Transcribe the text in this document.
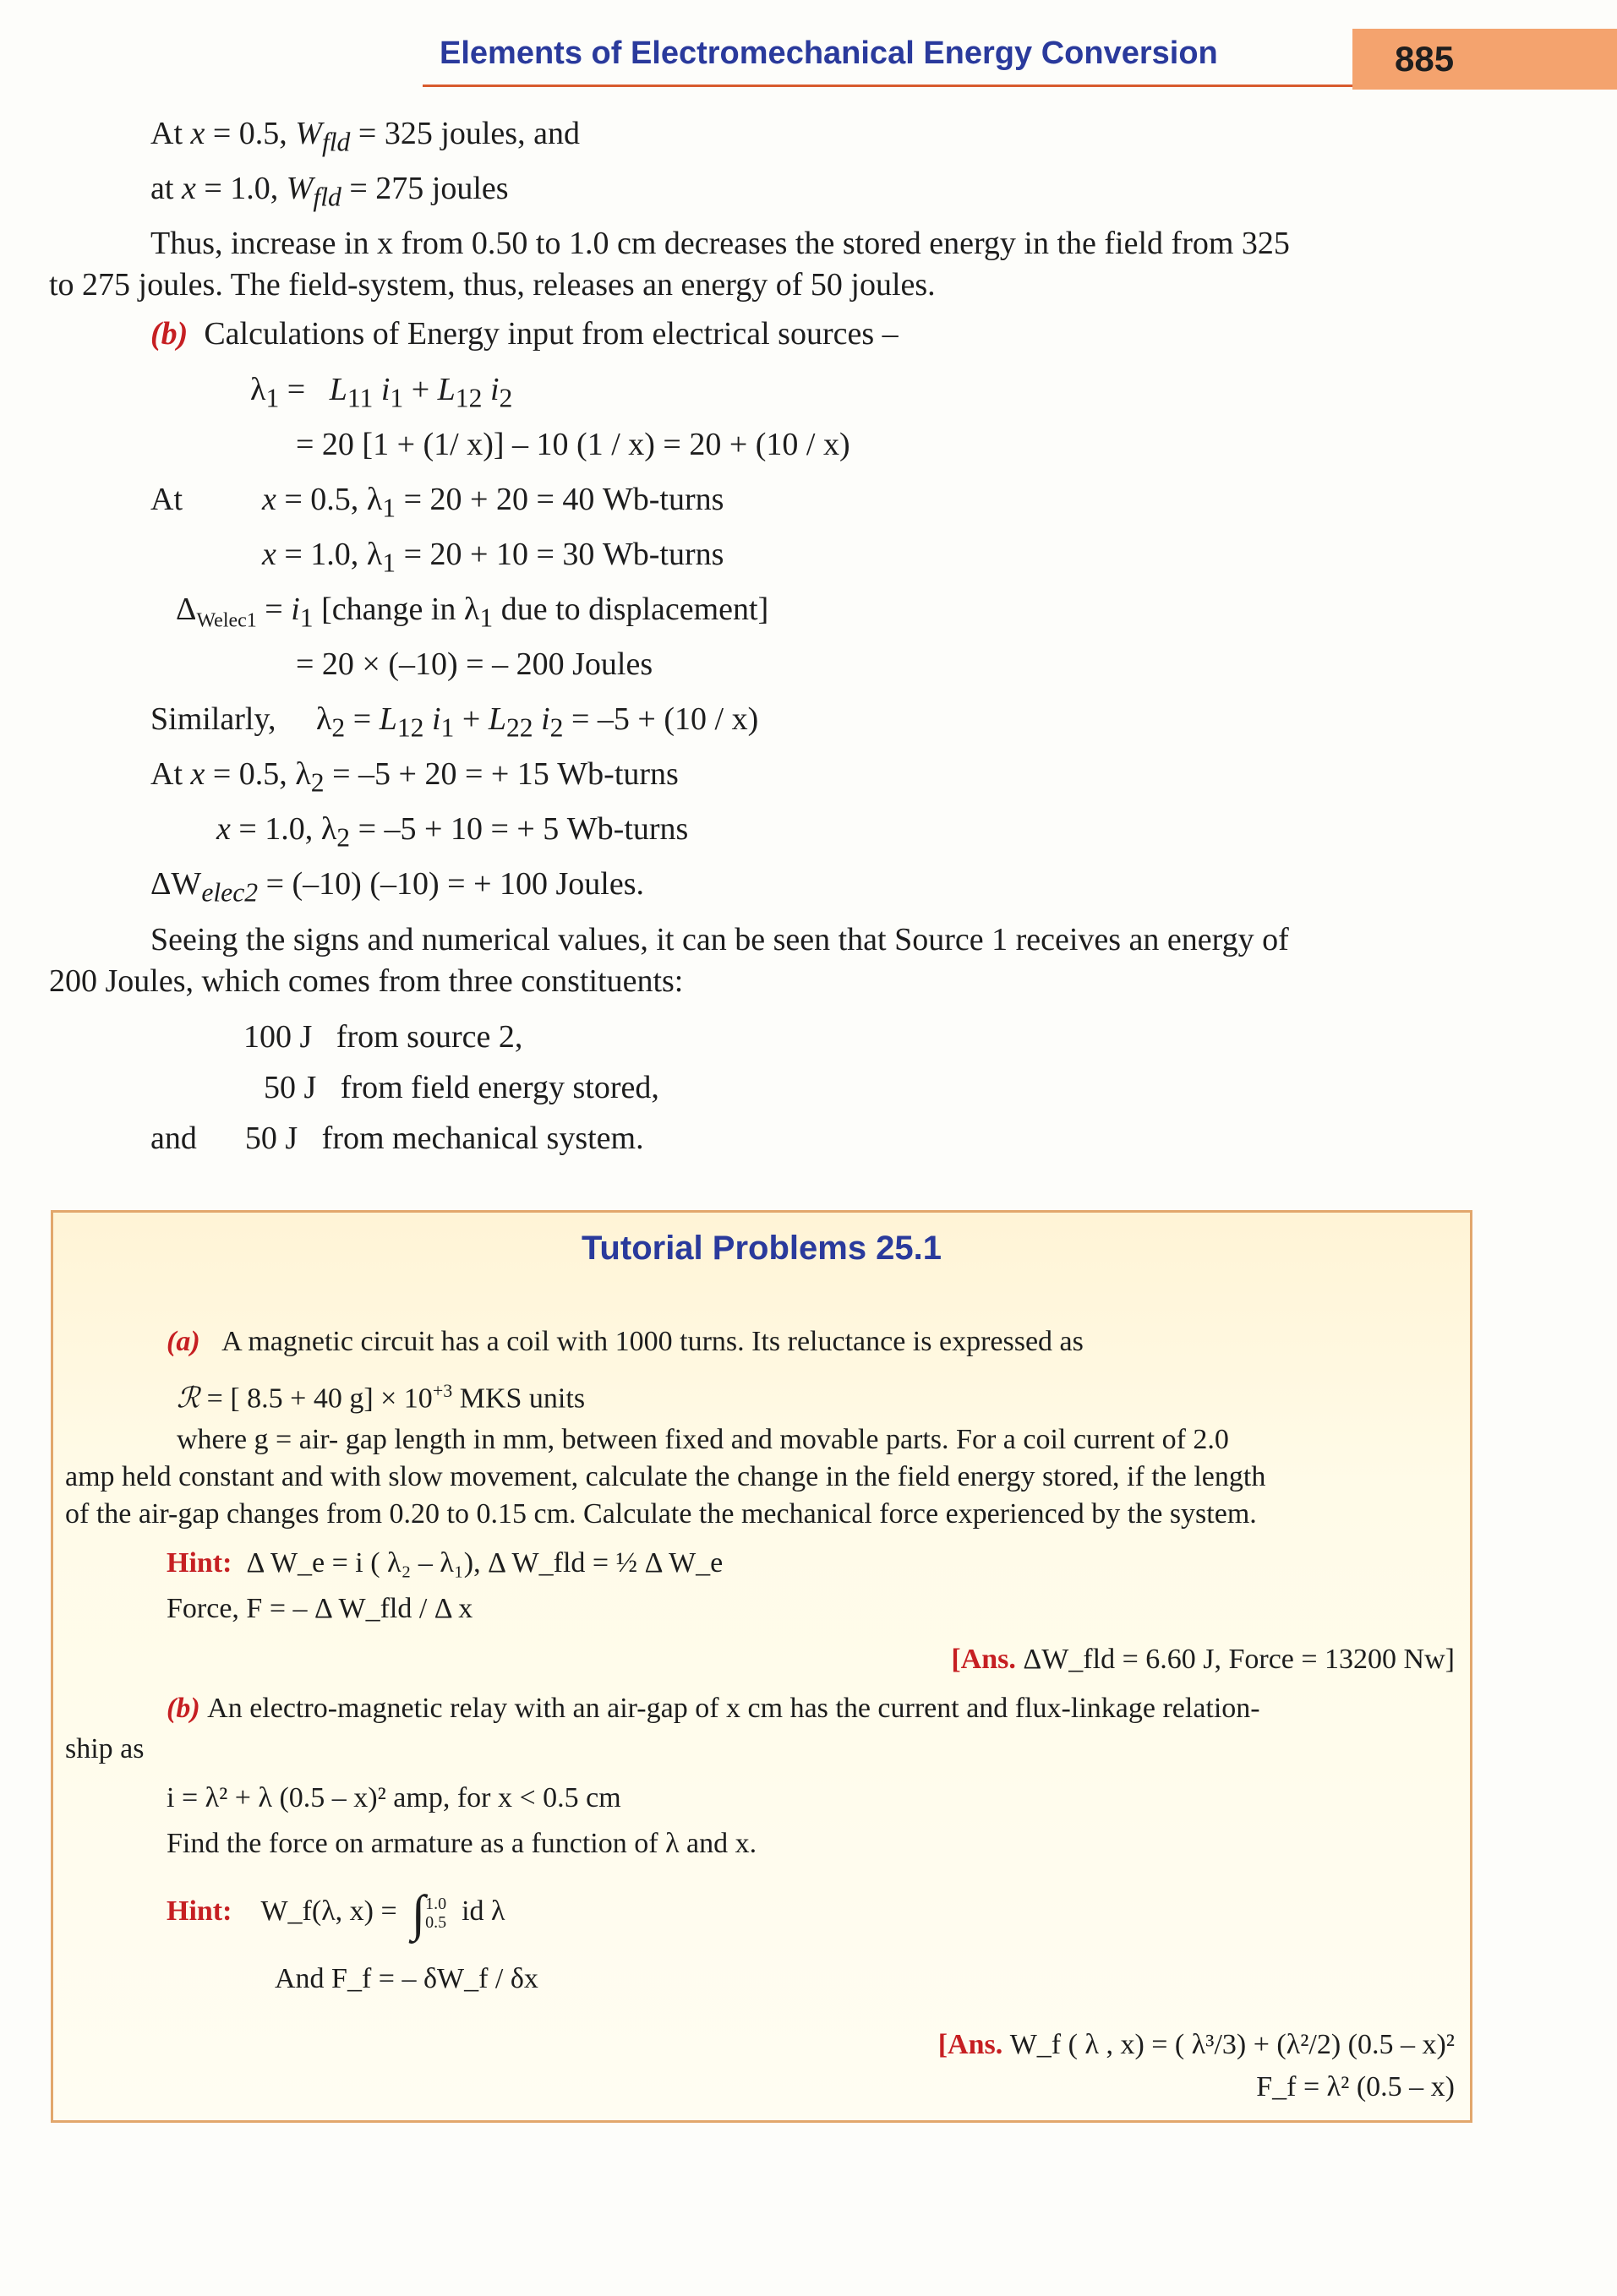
Elements of Electromechanical Energy Conversion	885
At x = 0.5, $W_{fld} = 325$ joules, and
at x = 1.0, $W_{fld} = 275$ joules
Thus, increase in x from 0.50 to 1.0 cm decreases the stored energy in the field from 325
to 275 joules. The field-system, thus, releases an energy of 50 joules.
(b) Calculations of Energy input from electrical sources –
$\lambda_1 = L_{11}$ $i_1 + L_{12}$ $i_2$
= 20 [1 + (1/ x)] – 10 (1 / x) = 20 + (10 / x)
At x = 0.5, $\lambda_1 = 20 + 20 = 40$ Wb-turns
x = 1.0, $\lambda_1 = 20 + 10 = 30$ Wb-turns
$\Delta_{Welec1} = i_1$ [change in $\lambda_1$ due to displacement]
= 20 × (–10) = – 200 Joules
Similarly, $\lambda_2 = L_{12}$ $i_1 + L_{22}$ $i_2 = -5 + (10 / x)$
At x = 0.5, $\lambda_2 = -5 + 20$ = + 15 Wb-turns
x = 1.0, $\lambda_2 = -5 + 10$ = + 5 Wb-turns
$\Delta W_{elec2} = (-10) (-10)$ = + 100 Joules.
Seeing the signs and numerical values, it can be seen that Source 1 receives an energy of
200 Joules, which comes from three constituents:
100 J from source 2,
50 J from field energy stored,
and 50 J from mechanical system.
Tutorial Problems 25.1
(a) A magnetic circuit has a coil with 1000 turns. Its reluctance is expressed as
ℛ = [ 8.5 + 40 $g] \times 10^{+3}$ MKS units
where g = air- gap length in mm, between fixed and movable parts. For a coil current of 2.0
amp held constant and with slow movement, calculate the change in the field energy stored, if the length
of the air-gap changes from 0.20 to 0.15 cm. Calculate the mechanical force experienced by the system.
Hint: Δ W_e = i ( λ₂ – λ₁), Δ W_fld = ½ Δ W_e
Force, F = – Δ W_fld / Δ x
[Ans. ΔW_fld = 6.60 J, Force = 13200 Nw]
(b) An electro-magnetic relay with an air-gap of x cm has the current and flux-linkage relation-
ship as
i = λ² + λ (0.5 – x)² amp, for x < 0.5 cm
Find the force on armature as a function of λ and x.
Hint: W_f(λ, x) = ∫1.0
0.5 id λ
And F_f = – δW_f / δx
[Ans. W_f ( λ , x) = ( λ³/3) + (λ²/2) (0.5 – x)²
F_f = λ² (0.5 – x)
